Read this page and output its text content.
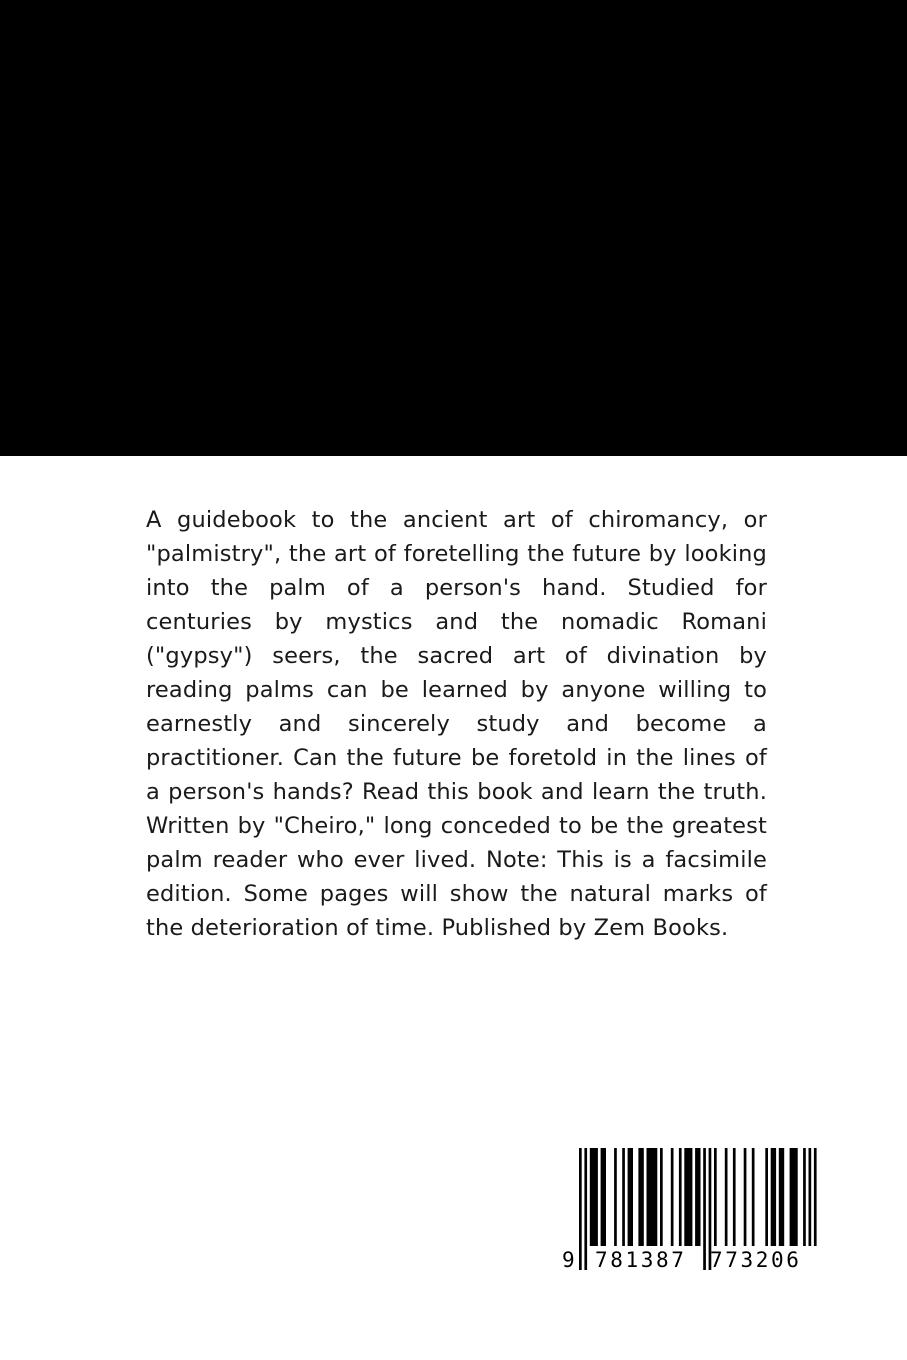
A guidebook to the ancient art of chiromancy, or "palmistry", the art of foretelling the future by looking into the palm of a person's hand. Studied for centuries by mystics and the nomadic Romani ("gypsy") seers, the sacred art of divination by reading palms can be learned by anyone willing to earnestly and sincerely study and become a practitioner. Can the future be foretold in the lines of a person's hands? Read this book and learn the truth. Written by "Cheiro," long conceded to be the greatest palm reader who ever lived. Note: This is a facsimile edition. Some pages will show the natural marks of the deterioration of time. Published by Zem Books.

9 781387 773206
